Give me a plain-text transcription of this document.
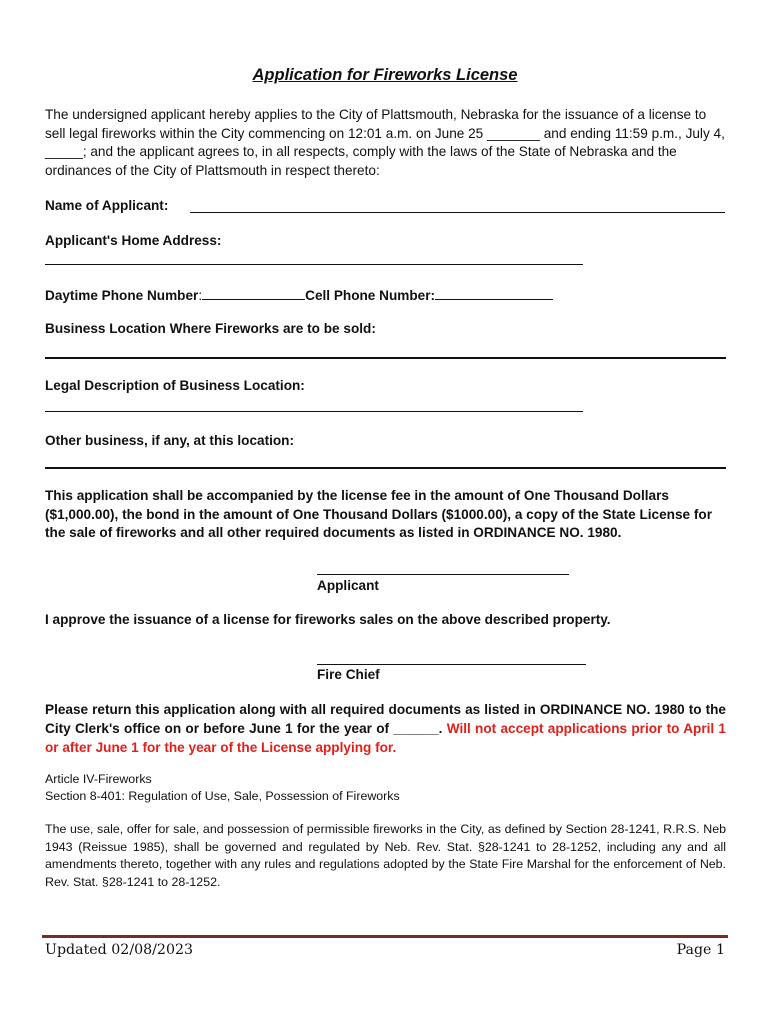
Application for Fireworks License
The undersigned applicant hereby applies to the City of Plattsmouth, Nebraska for the issuance of a license to sell legal fireworks within the City commencing on 12:01 a.m. on June 25 _______ and ending 11:59 p.m., July 4, _____; and the applicant agrees to, in all respects, comply with the laws of the State of Nebraska and the ordinances of the City of Plattsmouth in respect thereto:
Name of Applicant:
Applicant's Home Address:
Daytime Phone Number:	Cell Phone Number:
Business Location Where Fireworks are to be sold:
Legal Description of Business Location:
Other business, if any, at this location:
This application shall be accompanied by the license fee in the amount of One Thousand Dollars ($1,000.00), the bond in the amount of One Thousand Dollars ($1000.00), a copy of the State License for the sale of fireworks and all other required documents as listed in ORDINANCE NO. 1980.
Applicant
I approve the issuance of a license for fireworks sales on the above described property.
Fire Chief
Please return this application along with all required documents as listed in ORDINANCE NO. 1980 to the City Clerk's office on or before June 1 for the year of ______. Will not accept applications prior to April 1 or after June 1 for the year of the License applying for.
Article IV-Fireworks
Section 8-401: Regulation of Use, Sale, Possession of Fireworks
The use, sale, offer for sale, and possession of permissible fireworks in the City, as defined by Section 28-1241, R.R.S. Neb 1943 (Reissue 1985), shall be governed and regulated by Neb. Rev. Stat. §28-1241 to 28-1252, including any and all amendments thereto, together with any rules and regulations adopted by the State Fire Marshal for the enforcement of Neb. Rev. Stat. §28-1241 to 28-1252.
Updated 02/08/2023	Page 1
